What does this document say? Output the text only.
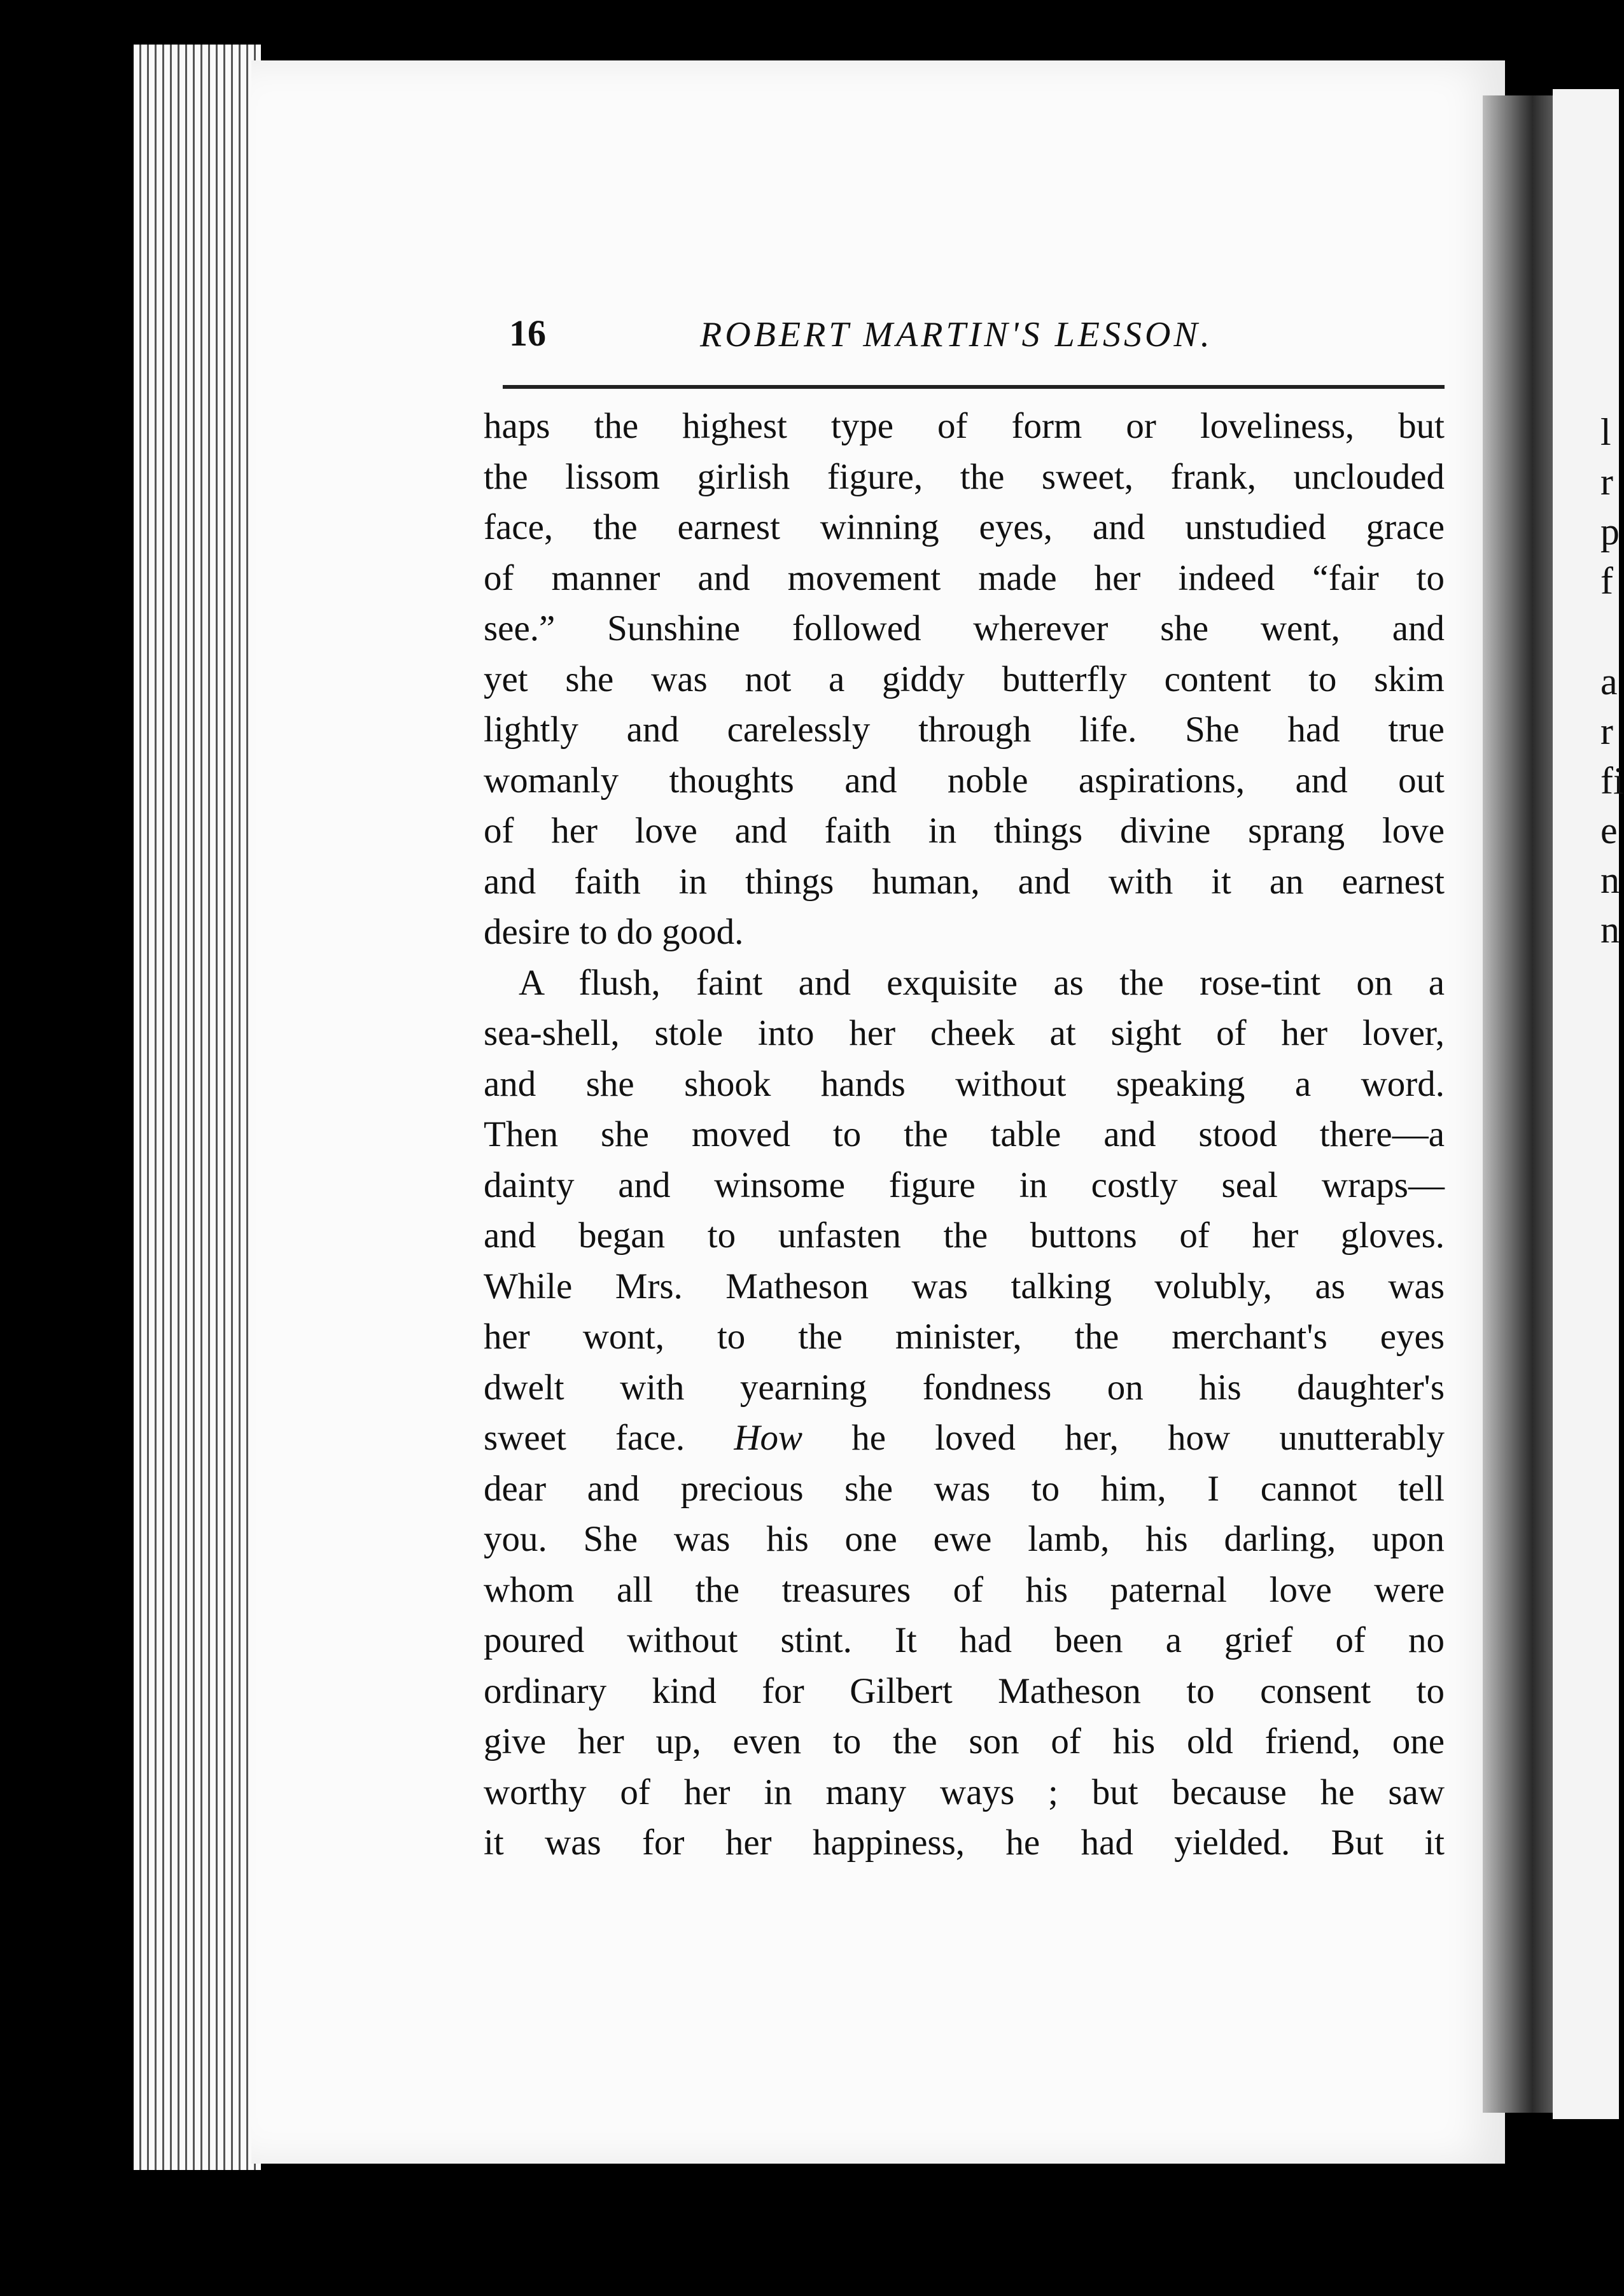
l
r
p
f
a
r
fi
e
n
n
16	ROBERT MARTIN'S LESSON.
haps the highest type of form or loveliness, but
the lissom girlish figure, the sweet, frank, unclouded
face, the earnest winning eyes, and unstudied grace
of manner and movement made her indeed “fair to
see.” Sunshine followed wherever she went, and
yet she was not a giddy butterfly content to skim
lightly and carelessly through life. She had true
womanly thoughts and noble aspirations, and out
of her love and faith in things divine sprang love
and faith in things human, and with it an earnest
desire to do good.
A flush, faint and exquisite as the rose-tint on a
sea-shell, stole into her cheek at sight of her lover,
and she shook hands without speaking a word.
Then she moved to the table and stood there—a
dainty and winsome figure in costly seal wraps—
and began to unfasten the buttons of her gloves.
While Mrs. Matheson was talking volubly, as was
her wont, to the minister, the merchant's eyes
dwelt with yearning fondness on his daughter's
sweet face. How he loved her, how unutterably
dear and precious she was to him, I cannot tell
you. She was his one ewe lamb, his darling, upon
whom all the treasures of his paternal love were
poured without stint. It had been a grief of no
ordinary kind for Gilbert Matheson to consent to
give her up, even to the son of his old friend, one
worthy of her in many ways ; but because he saw
it was for her happiness, he had yielded. But it
